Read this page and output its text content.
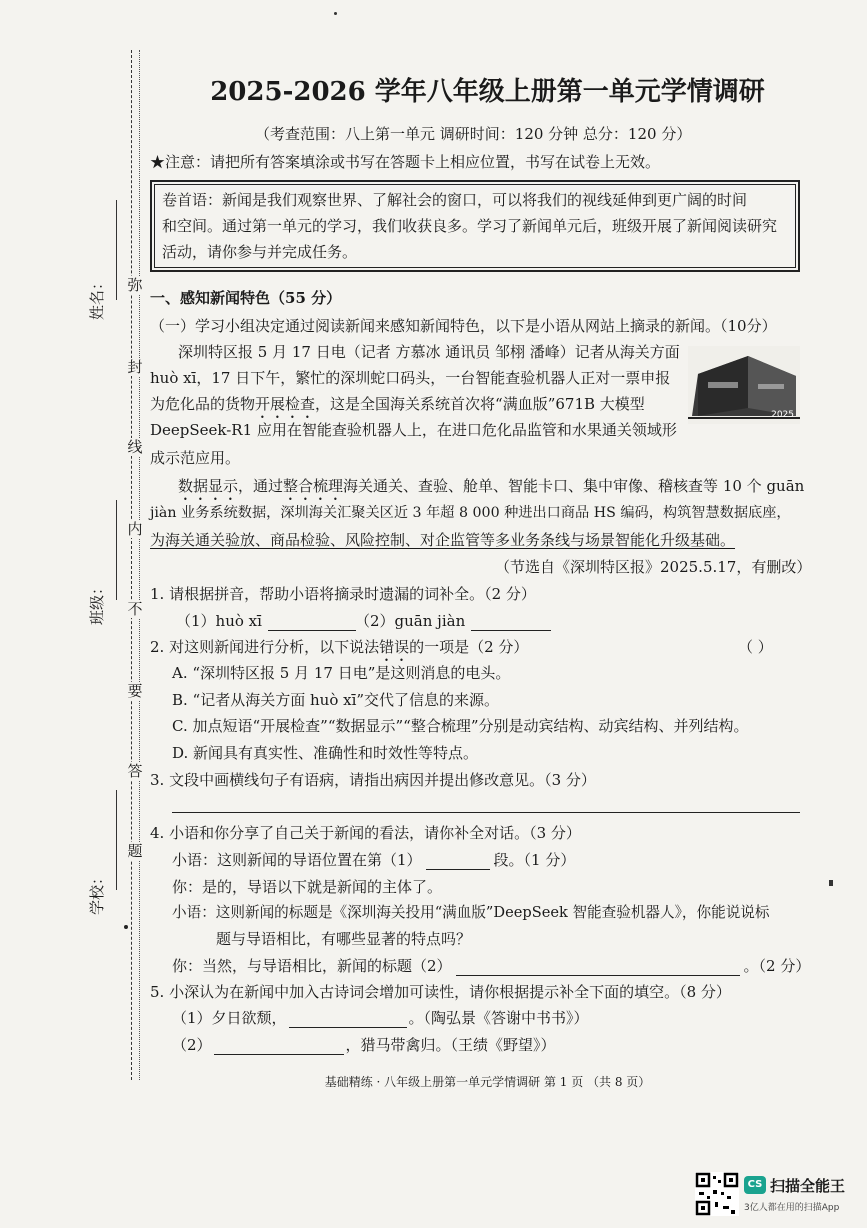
弥
封
线
内
不
要
答
题
姓名：
班级：
学校：
2025-2026 学年八年级上册第一单元学情调研
（考查范围：八上第一单元 调研时间：120 分钟 总分：120 分）
★注意：请把所有答案填涂或书写在答题卡上相应位置，书写在试卷上无效。
卷首语：新闻是我们观察世界、了解社会的窗口，可以将我们的视线延伸到更广阔的时间
和空间。通过第一单元的学习，我们收获良多。学习了新闻单元后，班级开展了新闻阅读研究
活动，请你参与并完成任务。
一、感知新闻特色（55 分）
（一）学习小组决定通过阅读新闻来感知新闻特色，以下是小语从网站上摘录的新闻。（10分）
深圳特区报 5 月 17 日电（记者 方慕冰 通讯员 邹栩 潘峰）记者从海关方面
huò xī，17 日下午，繁忙的深圳蛇口码头，一台智能查验机器人正对一票申报
为危化品的货物开展检查，这是全国海关系统首次将“满血版”671B 大模型
DeepSeek-R1 应用在智能查验机器人上，在进口危化品监管和水果通关领域形
成示范应用。
2025
数据显示，通过整合梳理海关通关、查验、舱单、智能卡口、集中审像、稽核查等 10 个 guān
jiàn 业务系统数据，深圳海关汇聚关区近 3 年超 8 000 种进出口商品 HS 编码，构筑智慧数据底座，
为海关通关验放、商品检验、风险控制、对企监管等多业务条线与场景智能化升级基础。
（节选自《深圳特区报》2025.5.17，有删改）
1. 请根据拼音，帮助小语将摘录时遗漏的词补全。（2 分）
（1）huò xī	（2）guān jiàn
2. 对这则新闻进行分析，以下说法错误的一项是（2 分）	（ ）
A. “深圳特区报 5 月 17 日电”是这则消息的电头。
B. “记者从海关方面 huò xī”交代了信息的来源。
C. 加点短语“开展检查”“数据显示”“整合梳理”分别是动宾结构、动宾结构、并列结构。
D. 新闻具有真实性、准确性和时效性等特点。
3. 文段中画横线句子有语病，请指出病因并提出修改意见。（3 分）
4. 小语和你分享了自己关于新闻的看法，请你补全对话。（3 分）
小语：这则新闻的导语位置在第（1）	段。（1 分）
你：是的，导语以下就是新闻的主体了。
小语：这则新闻的标题是《深圳海关投用“满血版”DeepSeek 智能查验机器人》，你能说说标
题与导语相比，有哪些显著的特点吗？
你：当然，与导语相比，新闻的标题（2）	。（2 分）
5. 小深认为在新闻中加入古诗词会增加可读性，请你根据提示补全下面的填空。（8 分）
（1）夕日欲颓，	。（陶弘景《答谢中书书》）
（2）	，猎马带禽归。（王绩《野望》）
基础精练 · 八年级上册第一单元学情调研 第 1 页 （共 8 页）
CS 扫描全能王
3亿人都在用的扫描App
